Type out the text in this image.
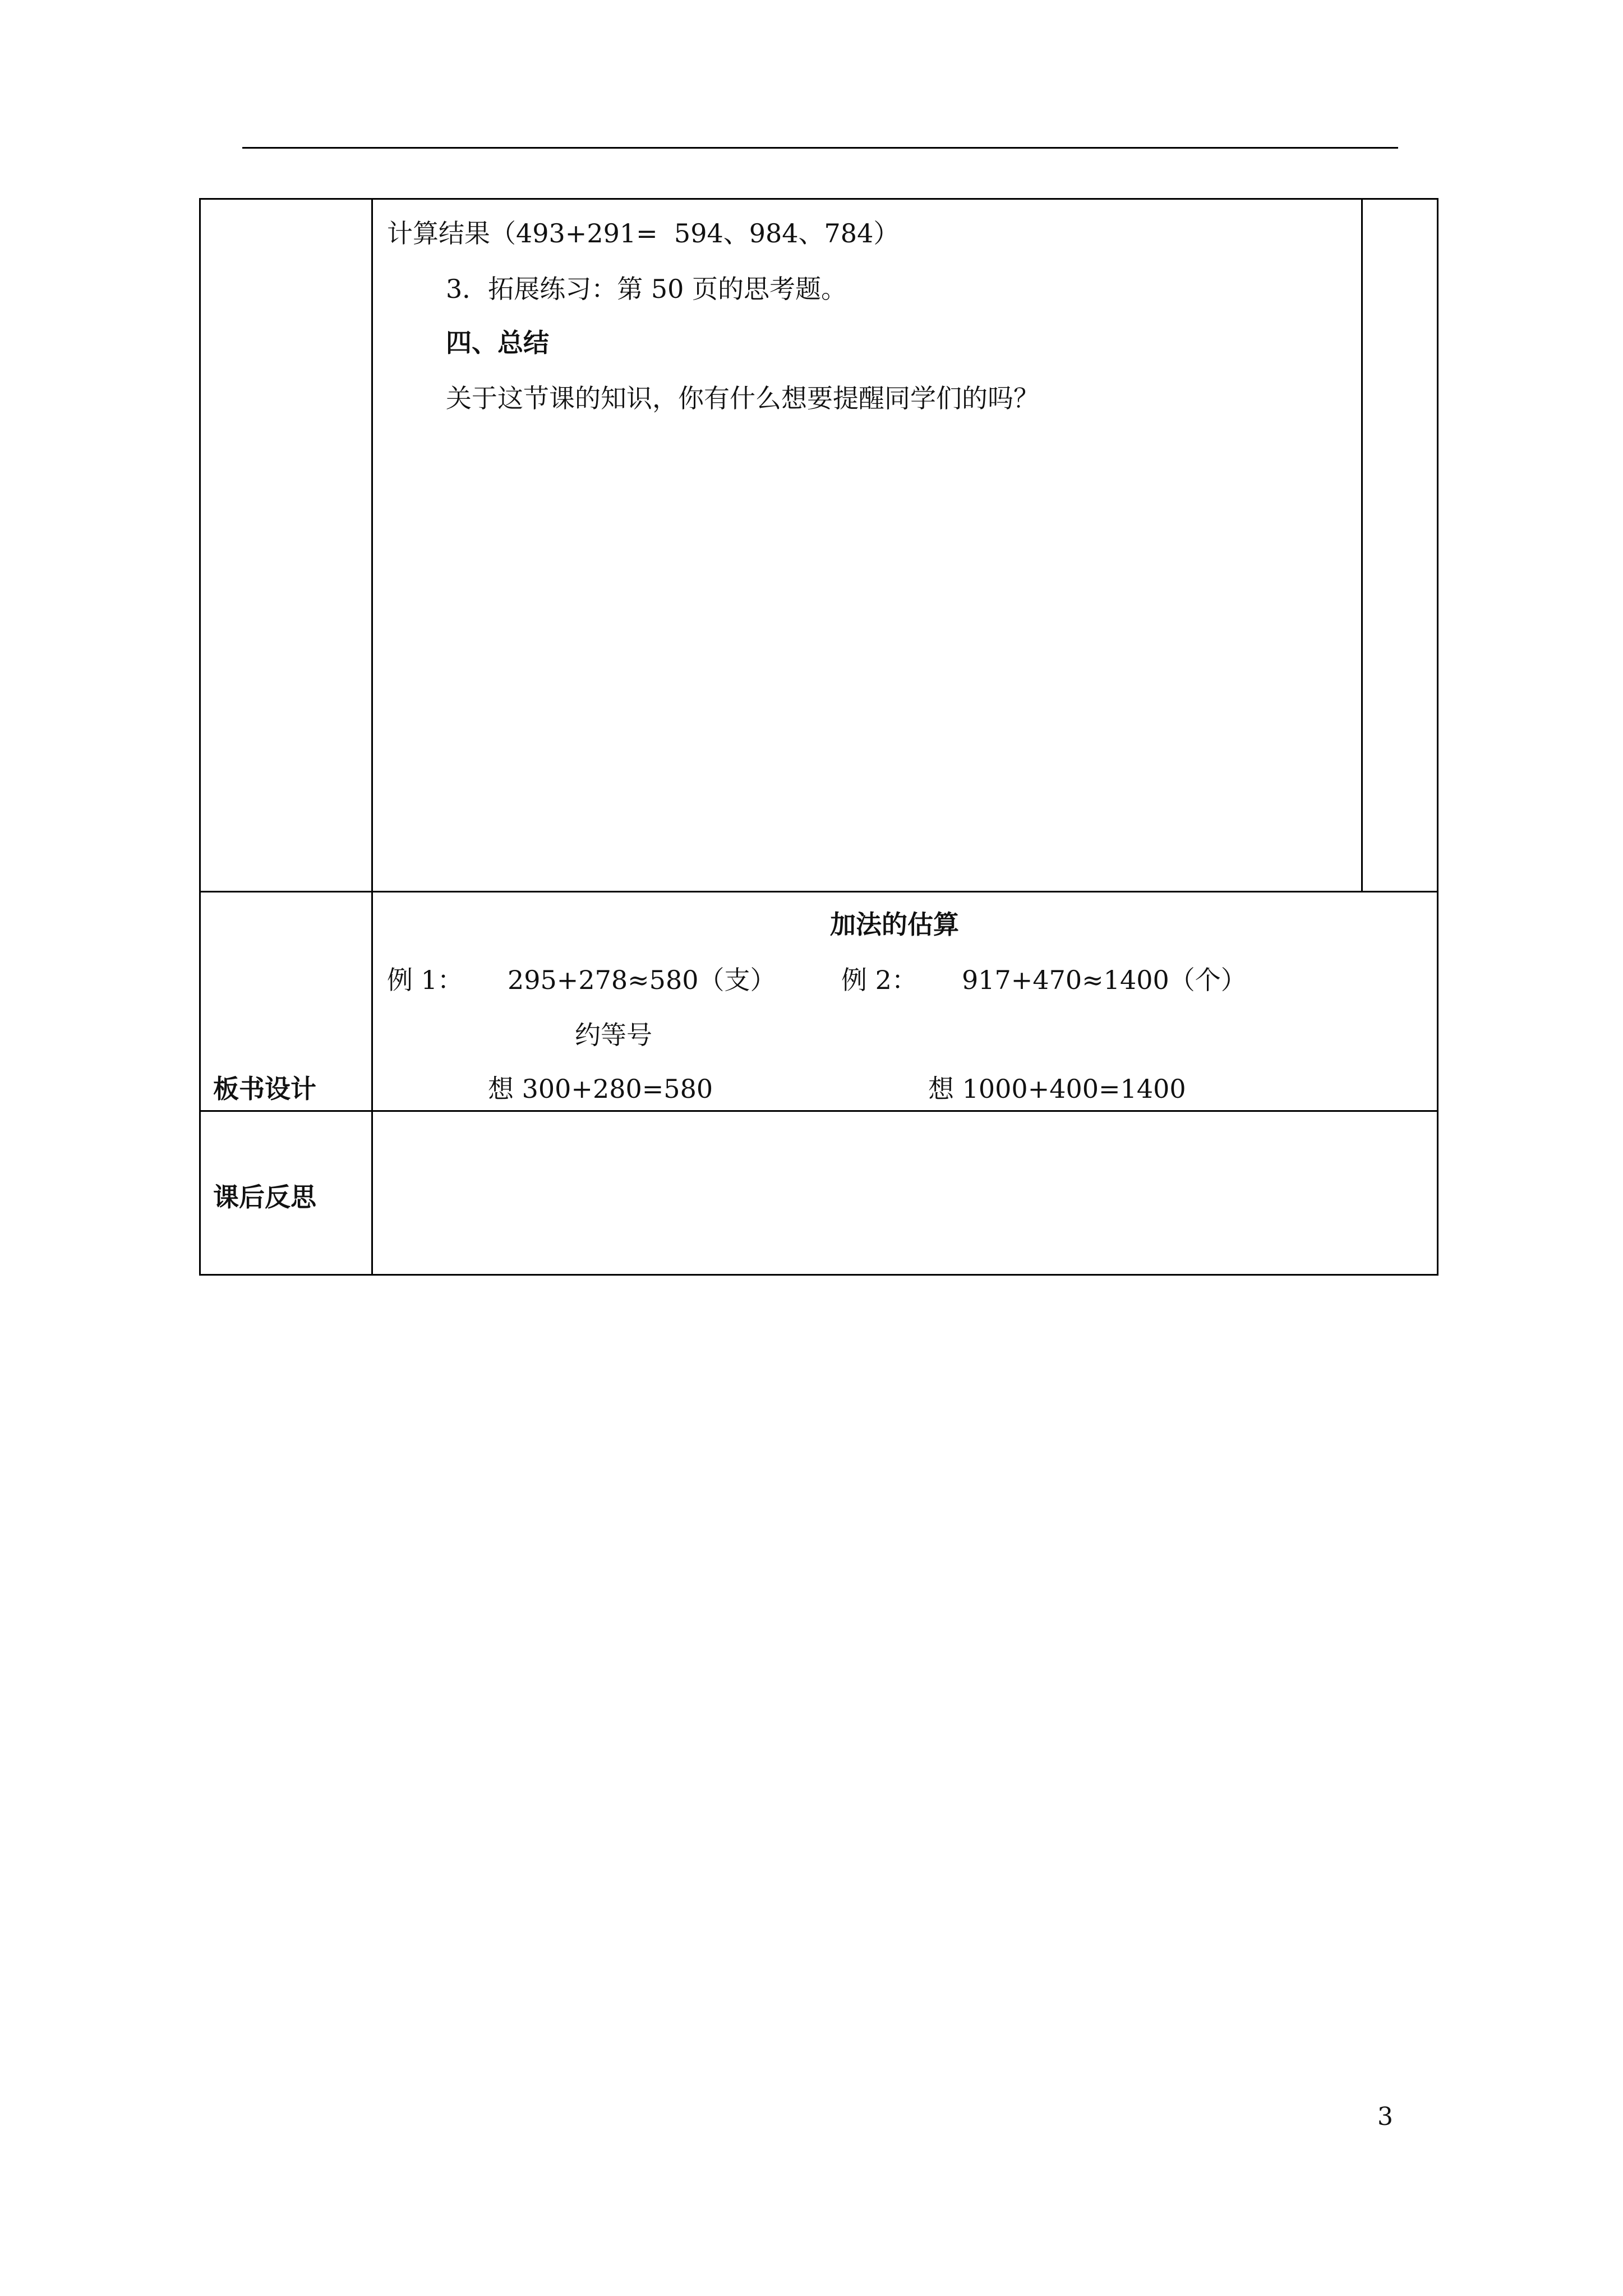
计算结果（493+291=  594、984、784）
3．拓展练习：第 50 页的思考题。
四、总结
关于这节课的知识，你有什么想要提醒同学们的吗？
加法的估算
例 1： 295+278≈580（支）	例 2： 917+470≈1400（个）
约等号
板书设计	想 300+280=580	想 1000+400=1400
课后反思
3
